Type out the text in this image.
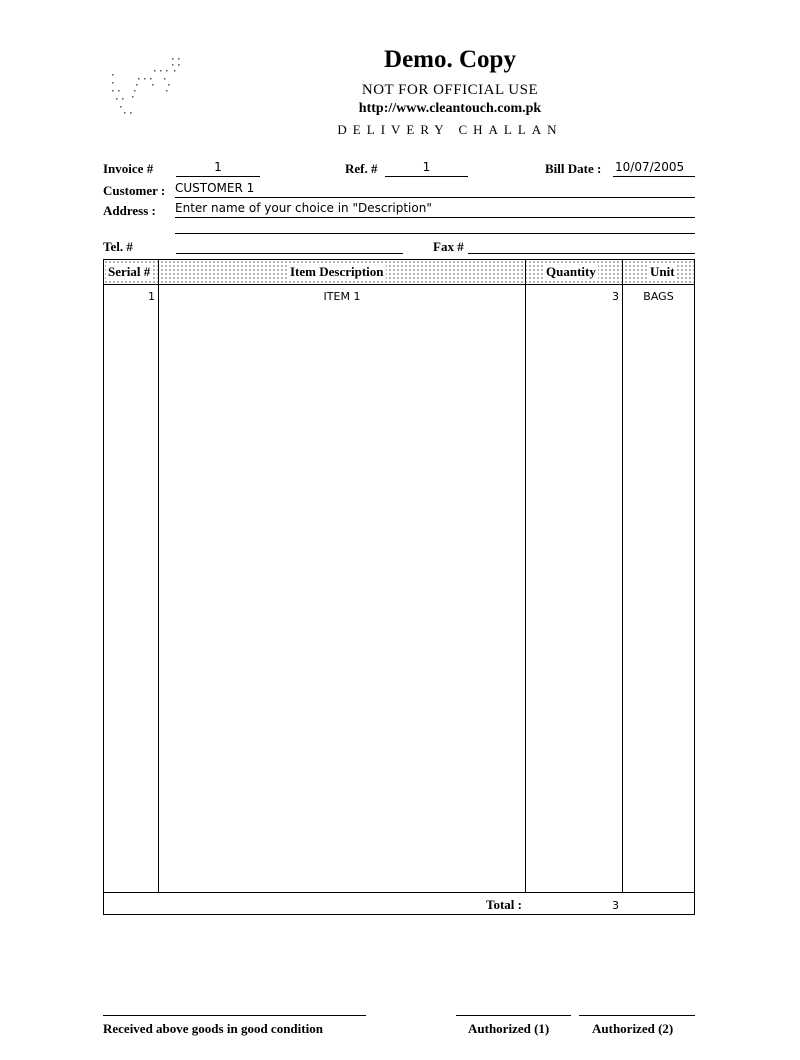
Demo. Copy
NOT FOR OFFICIAL USE
http://www.cleantouch.com.pk
DELIVERY CHALLAN
Invoice #	1	Ref. #	1	Bill Date : 10/07/2005
Customer : CUSTOMER 1
Address : Enter name of your choice in "Description"
Tel. #	Fax #
Serial #	Item Description	Quantity	Unit
1	ITEM 1	3	BAGS
Total :	3
Received above goods in good condition	Authorized (1)	Authorized (2)
